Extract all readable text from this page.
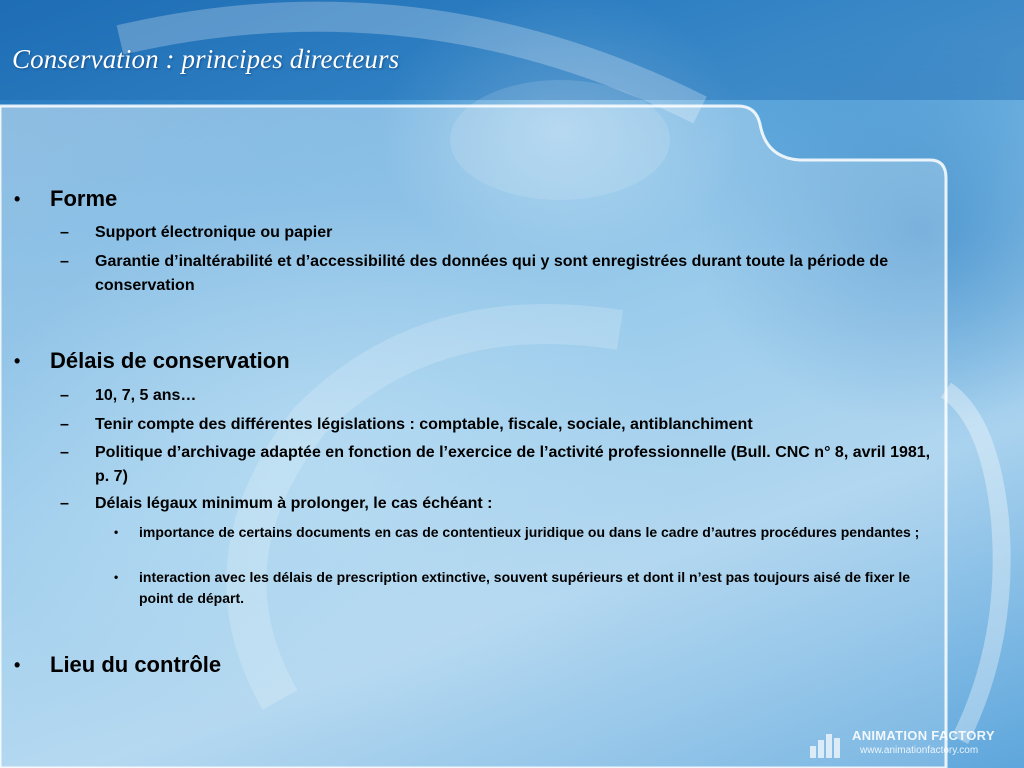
Conservation : principes directeurs
• Forme
– Support électronique ou papier
– Garantie d’inaltérabilité et d’accessibilité des données qui y sont enregistrées durant toute la période de conservation
• Délais de conservation
– 10, 7, 5 ans…
– Tenir compte des différentes législations : comptable, fiscale, sociale, antiblanchiment
– Politique d’archivage adaptée en fonction de l’exercice de l’activité professionnelle (Bull. CNC n° 8, avril 1981, p. 7)
– Délais légaux minimum à prolonger, le cas échéant :
• importance de certains documents en cas de contentieux juridique ou dans le cadre d’autres procédures pendantes ;
• interaction avec les délais de prescription extinctive, souvent supérieurs et dont il n’est pas toujours aisé de fixer le point de départ.
• Lieu du contrôle
ANIMATION FACTORY
www.animationfactory.com
